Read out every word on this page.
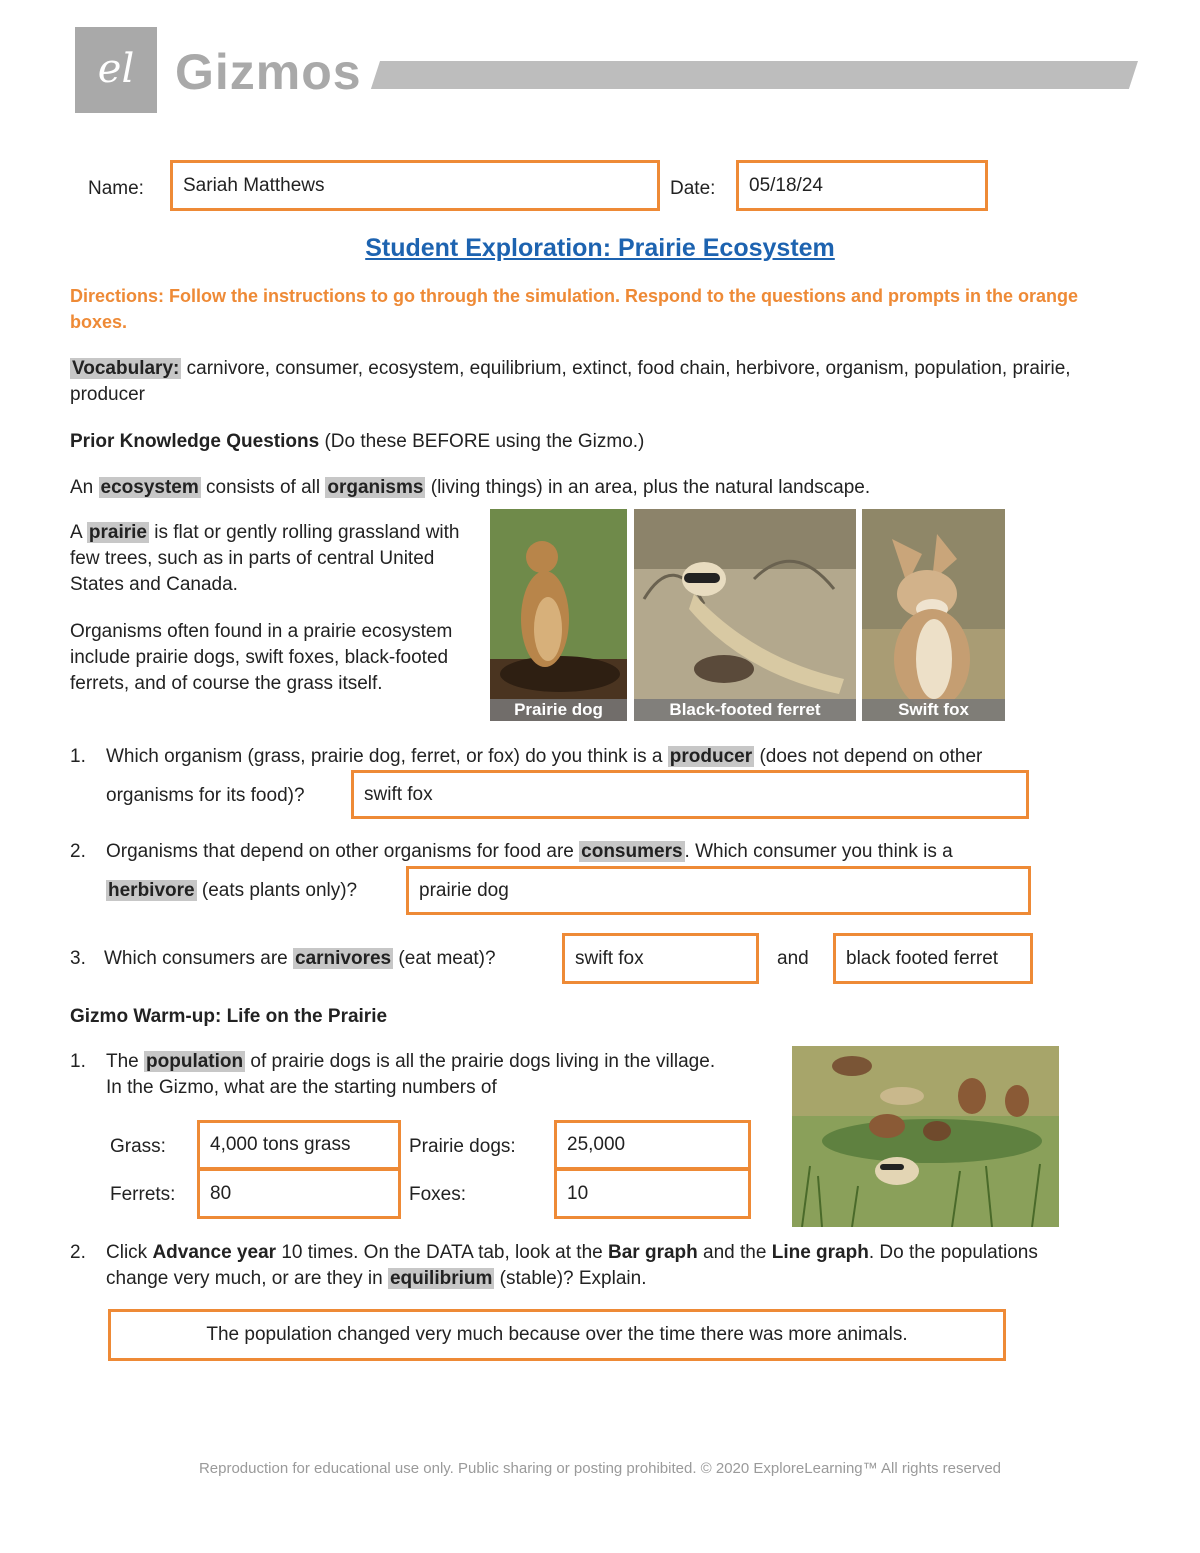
el Gizmos
Name:	Sariah Matthews	Date:	05/18/24
Student Exploration: Prairie Ecosystem
Directions: Follow the instructions to go through the simulation. Respond to the questions and prompts in the orange boxes.
Vocabulary: carnivore, consumer, ecosystem, equilibrium, extinct, food chain, herbivore, organism, population, prairie, producer
Prior Knowledge Questions (Do these BEFORE using the Gizmo.)
An ecosystem consists of all organisms (living things) in an area, plus the natural landscape.
A prairie is flat or gently rolling grassland with few trees, such as in parts of central United States and Canada.
Organisms often found in a prairie ecosystem include prairie dogs, swift foxes, black-footed ferrets, and of course the grass itself.
Prairie dog	Black-footed ferret	Swift fox
1. Which organism (grass, prairie dog, ferret, or fox) do you think is a producer (does not depend on other
organisms for its food)?	swift fox
2. Organisms that depend on other organisms for food are consumers . Which consumer you think is a
herbivore (eats plants only)?	prairie dog
3. Which consumers are carnivores (eat meat)?	swift fox	and	black footed ferret
Gizmo Warm-up: Life on the Prairie
1. The population of prairie dogs is all the prairie dogs living in the village. In the Gizmo, what are the starting numbers of
Grass:	4,000 tons grass	Prairie dogs:	25,000
Ferrets:	80	Foxes:	10
2. Click Advance year 10 times. On the DATA tab, look at the Bar graph and the Line graph. Do the populations change very much, or are they in equilibrium (stable)? Explain.
The population changed very much because over the time there was more animals.
Reproduction for educational use only. Public sharing or posting prohibited. © 2020 ExploreLearning™ All rights reserved
